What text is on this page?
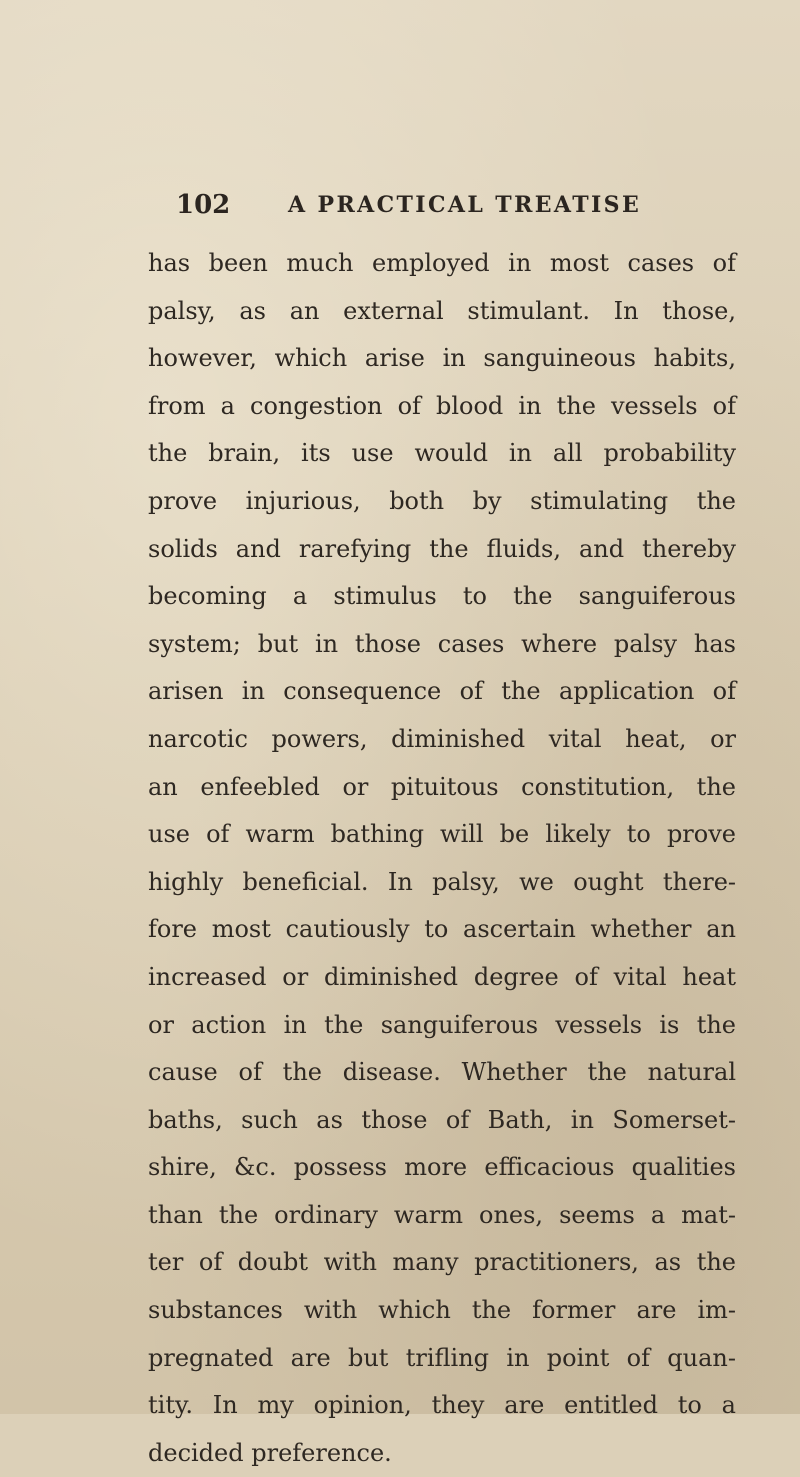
102	A PRACTICAL TREATISE
has been much employed in most cases of
palsy, as an external stimulant. In those,
however, which arise in sanguineous habits,
from a congestion of blood in the vessels of
the brain, its use would in all probability
prove injurious, both by stimulating the
solids and rarefying the fluids, and thereby
becoming a stimulus to the sanguiferous
system; but in those cases where palsy has
arisen in consequence of the application of
narcotic powers, diminished vital heat, or
an enfeebled or pituitous constitution, the
use of warm bathing will be likely to prove
highly beneficial. In palsy, we ought there-
fore most cautiously to ascertain whether an
increased or diminished degree of vital heat
or action in the sanguiferous vessels is the
cause of the disease. Whether the natural
baths, such as those of Bath, in Somerset-
shire, &c. possess more efficacious qualities
than the ordinary warm ones, seems a mat-
ter of doubt with many practitioners, as the
substances with which the former are im-
pregnated are but trifling in point of quan-
tity. In my opinion, they are entitled to a
decided preference.
